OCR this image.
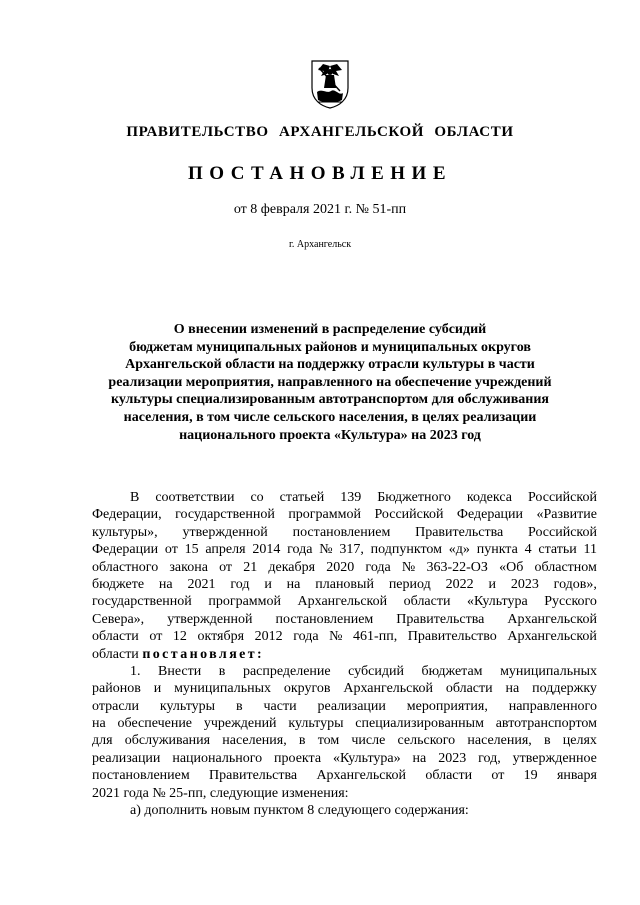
ПРАВИТЕЛЬСТВО АРХАНГЕЛЬСКОЙ ОБЛАСТИ
ПОСТАНОВЛЕНИЕ
от 8 февраля 2021 г. № 51-пп
г. Архангельск
О внесении изменений в распределение субсидий
бюджетам муниципальных районов и муниципальных округов
Архангельской области на поддержку отрасли культуры в части
реализации мероприятия, направленного на обеспечение учреждений
культуры специализированным автотранспортом для обслуживания
населения, в том числе сельского населения, в целях реализации
национального проекта «Культура» на 2023 год
В соответствии со статьей 139 Бюджетного кодекса Российской
Федерации, государственной программой Российской Федерации «Развитие
культуры», утвержденной постановлением Правительства Российской
Федерации от 15 апреля 2014 года № 317, подпунктом «д» пункта 4 статьи 11
областного закона от 21 декабря 2020 года № 363-22-ОЗ «Об областном
бюджете на 2021 год и на плановый период 2022 и 2023 годов»,
государственной программой Архангельской области «Культура Русского
Севера», утвержденной постановлением Правительства Архангельской
области от 12 октября 2012 года № 461-пп, Правительство Архангельской
области постановляет:
1. Внести в распределение субсидий бюджетам муниципальных
районов и муниципальных округов Архангельской области на поддержку
отрасли культуры в части реализации мероприятия, направленного
на обеспечение учреждений культуры специализированным автотранспортом
для обслуживания населения, в том числе сельского населения, в целях
реализации национального проекта «Культура» на 2023 год, утвержденное
постановлением Правительства Архангельской области от 19 января
2021 года № 25-пп, следующие изменения:
а) дополнить новым пунктом 8 следующего содержания:
